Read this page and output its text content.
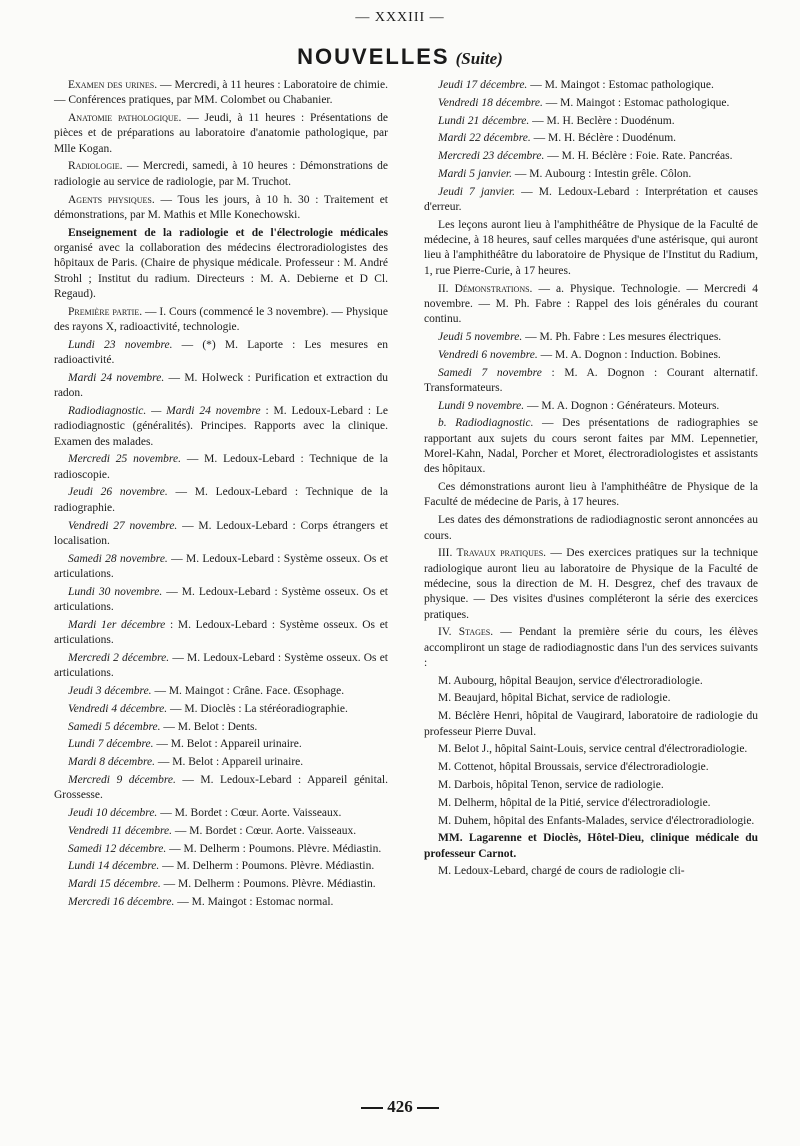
— XXXIII —
NOUVELLES (Suite)

Examen des urines. — Mercredi, à 11 heures : Laboratoire de chimie. — Conférences pratiques, par MM. Colombet ou Chabanier.

Anatomie pathologique. — Jeudi, à 11 heures : Présentations de pièces et de préparations au laboratoire d'anatomie pathologique, par Mlle Kogan.

Radiologie. — Mercredi, samedi, à 10 heures : Démonstrations de radiologie au service de radiologie, par M. Truchot.

Agents physiques. — Tous les jours, à 10 h. 30 : Traitement et démonstrations, par M. Mathis et Mlle Konechowski.

Enseignement de la radiologie et de l'électrologie médicales organisé avec la collaboration des médecins électroradiologistes des hôpitaux de Paris. (Chaire de physique médicale. Professeur : M. André Strohl ; Institut du radium. Directeurs : M. A. Debierne et D Cl. Regaud).

Première partie. — I. Cours (commencé le 3 novembre). — Physique des rayons X, radioactivité, technologie.

Lundi 23 novembre. — (*) M. Laporte : Les mesures en radioactivité.

Mardi 24 novembre. — M. Holweck : Purification et extraction du radon.

Radiodiagnostic. — Mardi 24 novembre : M. Ledoux-Lebard : Le radiodiagnostic (généralités). Principes. Rapports avec la clinique. Examen des malades.

Mercredi 25 novembre. — M. Ledoux-Lebard : Technique de la radioscopie.

Jeudi 26 novembre. — M. Ledoux-Lebard : Technique de la radiographie.

Vendredi 27 novembre. — M. Ledoux-Lebard : Corps étrangers et localisation.

Samedi 28 novembre. — M. Ledoux-Lebard : Système osseux. Os et articulations.

Lundi 30 novembre. — M. Ledoux-Lebard : Système osseux. Os et articulations.

Mardi 1er décembre : M. Ledoux-Lebard : Système osseux. Os et articulations.

Mercredi 2 décembre. — M. Ledoux-Lebard : Système osseux. Os et articulations.

Jeudi 3 décembre. — M. Maingot : Crâne. Face. Œsophage.

Vendredi 4 décembre. — M. Dioclès : La stéréoradiographie.

Samedi 5 décembre. — M. Belot : Dents.

Lundi 7 décembre. — M. Belot : Appareil urinaire.

Mardi 8 décembre. — M. Belot : Appareil urinaire.

Mercredi 9 décembre. — M. Ledoux-Lebard : Appareil génital. Grossesse.

Jeudi 10 décembre. — M. Bordet : Cœur. Aorte. Vaisseaux.

Vendredi 11 décembre. — M. Bordet : Cœur. Aorte. Vaisseaux.

Samedi 12 décembre. — M. Delherm : Poumons. Plèvre. Médiastin.

Lundi 14 décembre. — M. Delherm : Poumons. Plèvre. Médiastin.

Mardi 15 décembre. — M. Delherm : Poumons. Plèvre. Médiastin.

Mercredi 16 décembre. — M. Maingot : Estomac normal.

Jeudi 17 décembre. — M. Maingot : Estomac pathologique.

Vendredi 18 décembre. — M. Maingot : Estomac pathologique.

Lundi 21 décembre. — M. H. Beclère : Duodénum.

Mardi 22 décembre. — M. H. Béclère : Duodénum.

Mercredi 23 décembre. — M. H. Béclère : Foie. Rate. Pancréas.

Mardi 5 janvier. — M. Aubourg : Intestin grêle. Côlon.

Jeudi 7 janvier. — M. Ledoux-Lebard : Interprétation et causes d'erreur.

Les leçons auront lieu à l'amphithéâtre de Physique de la Faculté de médecine, à 18 heures, sauf celles marquées d'une astérisque, qui auront lieu à l'amphithéâtre du laboratoire de Physique de l'Institut du Radium, 1, rue Pierre-Curie, à 17 heures.

II. Démonstrations. — a. Physique. Technologie. — Mercredi 4 novembre. — M. Ph. Fabre : Rappel des lois générales du courant continu.

Jeudi 5 novembre. — M. Ph. Fabre : Les mesures électriques.

Vendredi 6 novembre. — M. A. Dognon : Induction. Bobines.

Samedi 7 novembre : M. A. Dognon : Courant alternatif. Transformateurs.

Lundi 9 novembre. — M. A. Dognon : Générateurs. Moteurs.

b. Radiodiagnostic. — Des présentations de radiographies se rapportant aux sujets du cours seront faites par MM. Lepennetier, Morel-Kahn, Nadal, Porcher et Moret, électroradiologistes et assistants des hôpitaux.

Ces démonstrations auront lieu à l'amphithéâtre de Physique de la Faculté de médecine de Paris, à 17 heures.

Les dates des démonstrations de radiodiagnostic seront annoncées au cours.

III. Travaux pratiques. — Des exercices pratiques sur la technique radiologique auront lieu au laboratoire de Physique de la Faculté de médecine, sous la direction de M. H. Desgrez, chef des travaux de physique. — Des visites d'usines compléteront la série des exercices pratiques.

IV. Stages. — Pendant la première série du cours, les élèves accompliront un stage de radiodiagnostic dans l'un des services suivants :

M. Aubourg, hôpital Beaujon, service d'électroradiologie.

M. Beaujard, hôpital Bichat, service de radiologie.

M. Béclère Henri, hôpital de Vaugirard, laboratoire de radiologie du professeur Pierre Duval.

M. Belot J., hôpital Saint-Louis, service central d'électroradiologie.

M. Cottenot, hôpital Broussais, service d'électroradiologie.

M. Darbois, hôpital Tenon, service de radiologie.

M. Delherm, hôpital de la Pitié, service d'électroradiologie.

M. Duhem, hôpital des Enfants-Malades, service d'électroradiologie.

MM. Lagarenne et Dioclès, Hôtel-Dieu, clinique médicale du professeur Carnot.

M. Ledoux-Lebard, chargé de cours de radiologie cli-

426
